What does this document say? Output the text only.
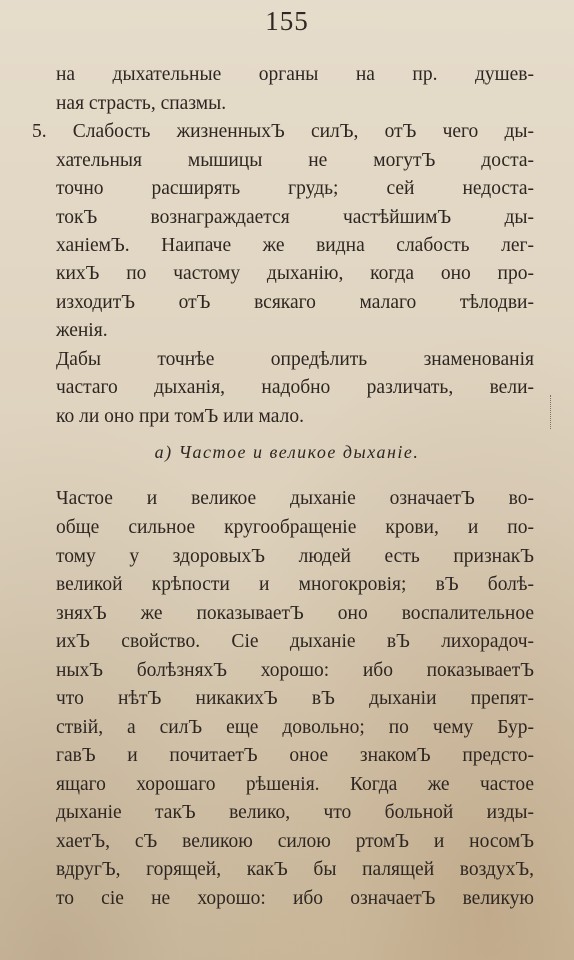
155
на дыхательные органы на пр. душев-
ная страсть, спазмы.
5. Слабость жизненныхЪ силЪ, отЪ чего ды-
хательныя мышицы не могутЪ доста-
точно расширять грудь; сей недоста-
токЪ вознаграждается частѣйшимЪ ды-
ханіемЪ. Наипаче же видна слабость лег-
кихЪ по частому дыханію, когда оно про-
изходитЪ отЪ всякаго малаго тѣлодви-
женія.
Дабы точнѣе опредѣлить знаменованія
частаго дыханія, надобно различать, вели-
ко ли оно при томЪ или мало.
а) Частое и великое дыханіе.
Частое и великое дыханіе означаетЪ во-
обще сильное кругообращеніе крови, и по-
тому у здоровыхЪ людей есть признакЪ
великой крѣпости и многокровія; вЪ болѣ-
зняхЪ же показываетЪ оно воспалительное
ихЪ свойство. Сіе дыханіе вЪ лихорадоч-
ныхЪ болѣзняхЪ хорошо: ибо показываетЪ
что нѣтЪ никакихЪ вЪ дыханіи препят-
ствій, а силЪ еще довольно; по чему Бур-
гавЪ и почитаетЪ оное знакомЪ предсто-
ящаго хорошаго рѣшенія. Когда же частое
дыханіе такЪ велико, что больной изды-
хаетЪ, сЪ великою силою ртомЪ и носомЪ
вдругЪ, горящей, какЪ бы палящей воздухЪ,
то сіе не хорошо: ибо означаетЪ великую
